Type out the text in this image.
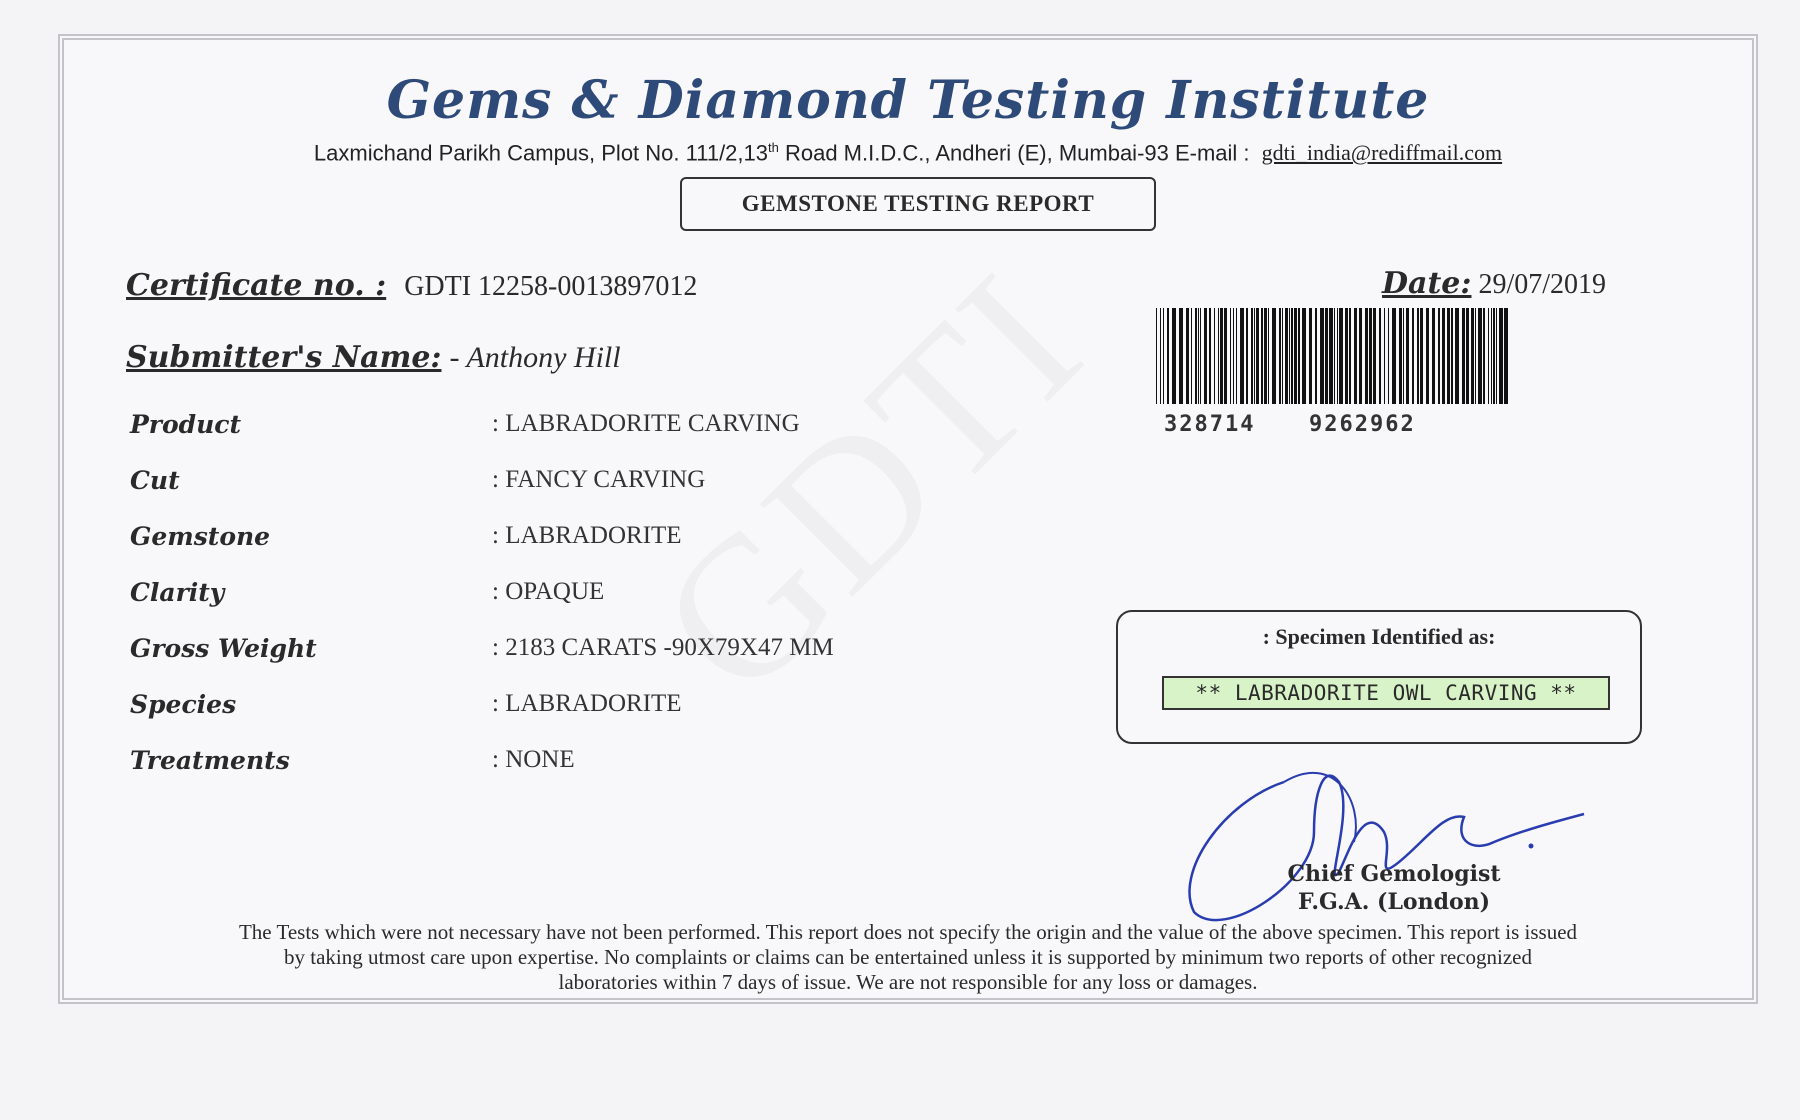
Gems & Diamond Testing Institute
Laxmichand Parikh Campus, Plot No. 111/2,13th Road M.I.D.C., Andheri (E), Mumbai-93 E-mail : gdti_india@rediffmail.com
GEMSTONE TESTING REPORT
Certificate no. : GDTI 12258-0013897012	Date: 29/07/2019
Submitter's Name: - Anthony Hill
328714 9262962
Product	: LABRADORITE CARVING
Cut	: FANCY CARVING
Gemstone	: LABRADORITE
Clarity	: OPAQUE
Gross Weight	: 2183 CARATS -90X79X47 MM
Species	: LABRADORITE
Treatments	: NONE
: Specimen Identified as:
** LABRADORITE OWL CARVING **
Chief Gemologist
F.G.A. (London)
The Tests which were not necessary have not been performed. This report does not specify the origin and the value of the above specimen. This report is issued
by taking utmost care upon expertise. No complaints or claims can be entertained unless it is supported by minimum two reports of other recognized
laboratories within 7 days of issue. We are not responsible for any loss or damages.
